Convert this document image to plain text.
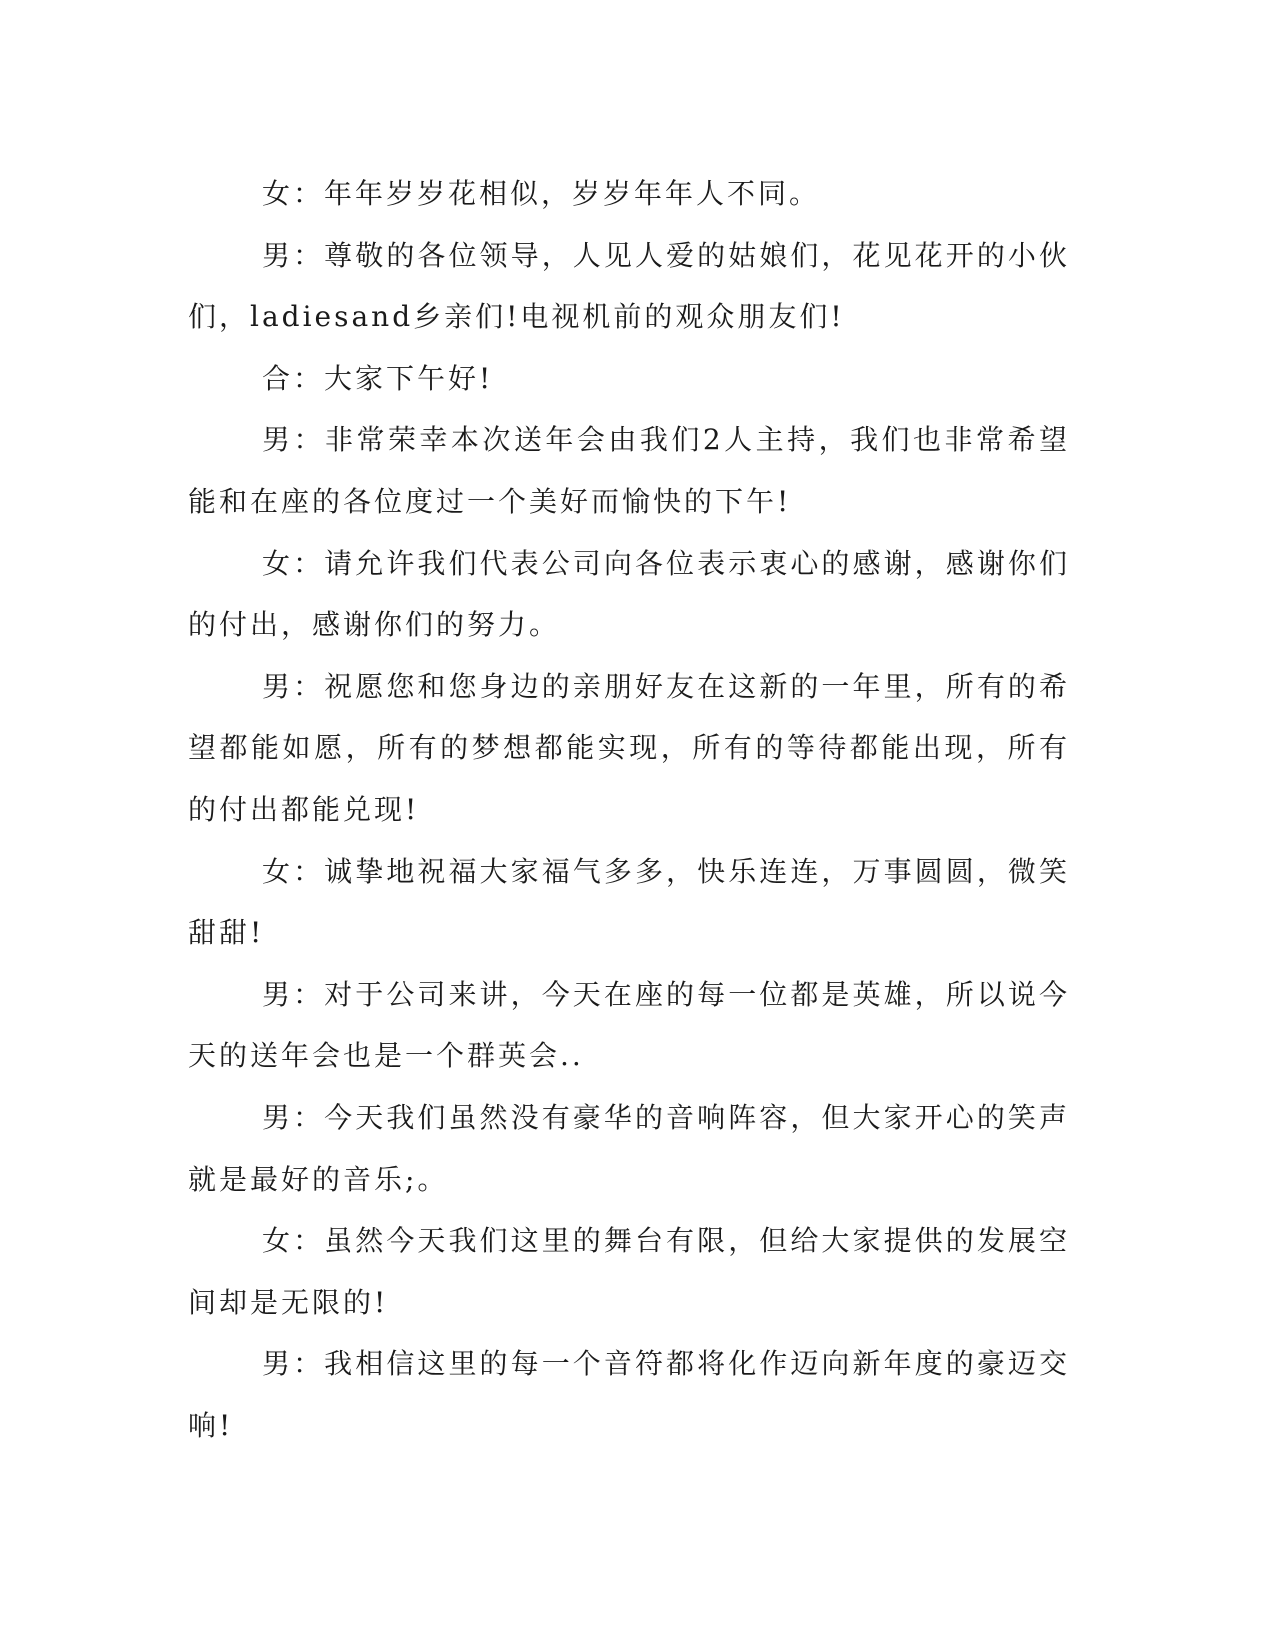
女：年年岁岁花相似，岁岁年年人不同。

男：尊敬的各位领导，人见人爱的姑娘们，花见花开的小伙们，ladiesand乡亲们!电视机前的观众朋友们!

合：大家下午好!

男：非常荣幸本次送年会由我们2人主持，我们也非常希望能和在座的各位度过一个美好而愉快的下午!

女：请允许我们代表公司向各位表示衷心的感谢，感谢你们的付出，感谢你们的努力。

男：祝愿您和您身边的亲朋好友在这新的一年里，所有的希望都能如愿，所有的梦想都能实现，所有的等待都能出现，所有的付出都能兑现!

女：诚挚地祝福大家福气多多，快乐连连，万事圆圆，微笑甜甜!

男：对于公司来讲，今天在座的每一位都是英雄，所以说今天的送年会也是一个群英会..

男：今天我们虽然没有豪华的音响阵容，但大家开心的笑声就是最好的音乐;。

女：虽然今天我们这里的舞台有限，但给大家提供的发展空间却是无限的!

男：我相信这里的每一个音符都将化作迈向新年度的豪迈交响!
